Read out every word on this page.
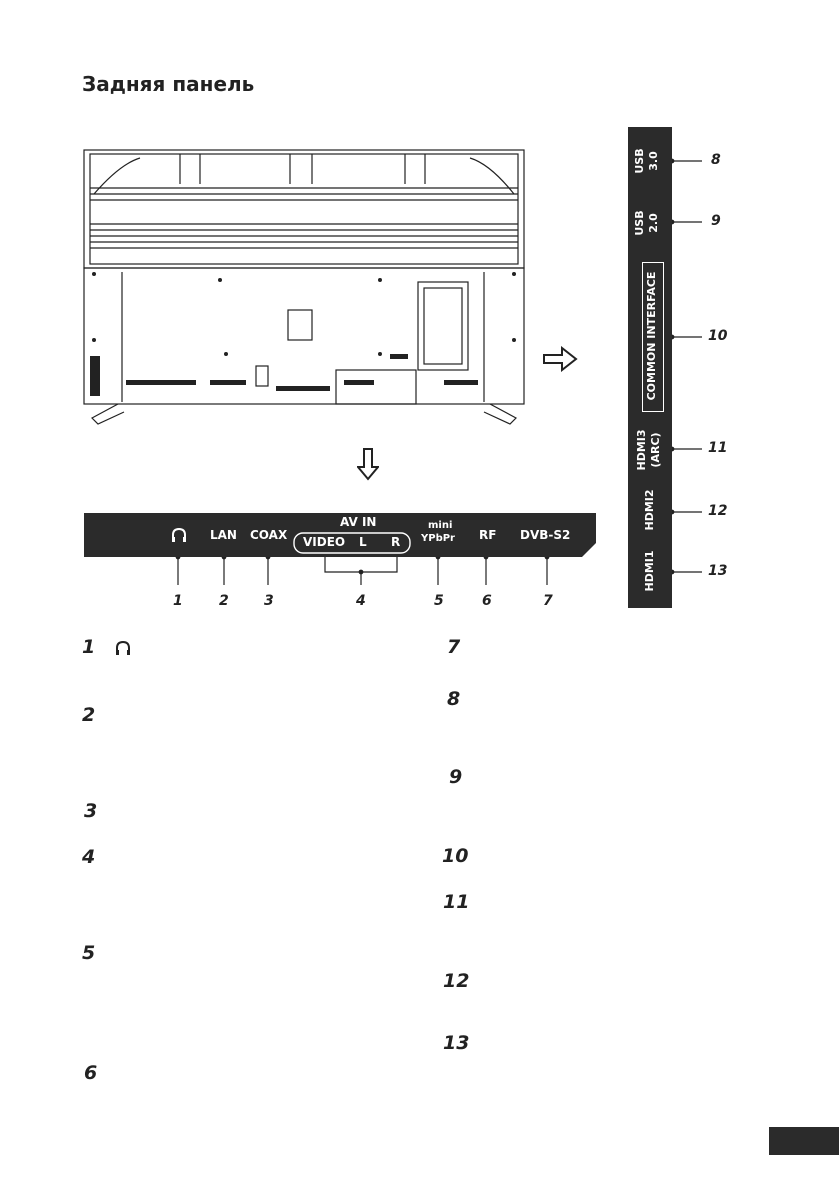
Задняя панель
LAN COAX
AV IN
VIDEO L R
mini
YPbPr RF DVB-S2
1	2	3	4	5	6	7
USB 3.0
USB 2.0
COMMON INTERFACE
HDMI3 (ARC)
HDMI2
HDMI1
8
9
10
11
12
13
1
2
3
4
5
6
7
8
9
10
11
12
13
